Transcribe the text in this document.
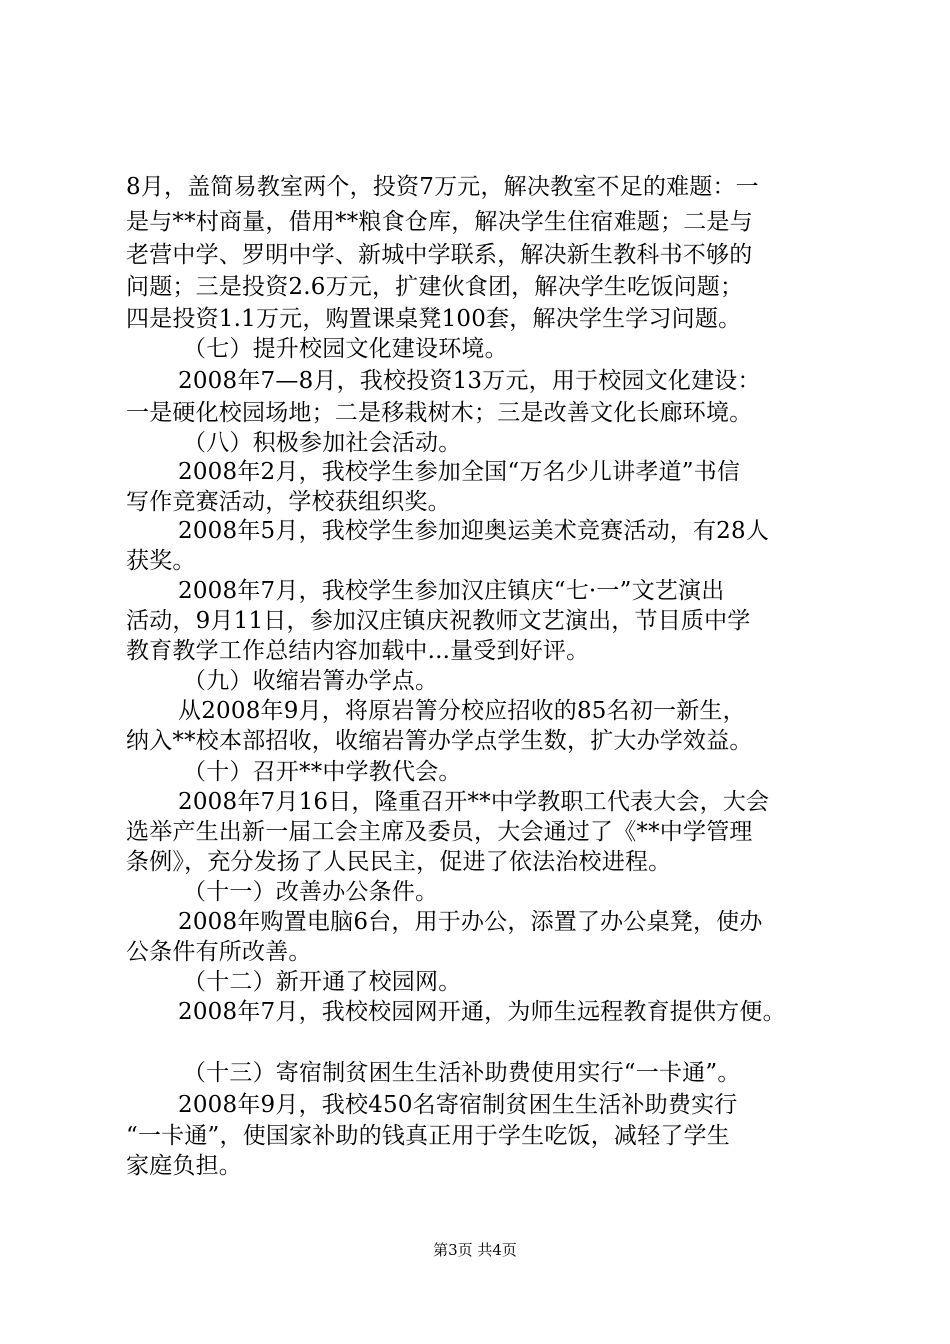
8月，盖简易教室两个，投资7万元，解决教室不足的难题：一
是与**村商量，借用**粮食仓库，解决学生住宿难题；二是与
老营中学、罗明中学、新城中学联系，解决新生教科书不够的
问题；三是投资2.6万元，扩建伙食团，解决学生吃饭问题；
四是投资1.1万元，购置课桌凳100套，解决学生学习问题。
（七）提升校园文化建设环境。
2008年7—8月，我校投资13万元，用于校园文化建设：
一是硬化校园场地；二是移栽树木；三是改善文化长廊环境。
（八）积极参加社会活动。
2008年2月，我校学生参加全国“万名少儿讲孝道”书信
写作竞赛活动，学校获组织奖。
2008年5月，我校学生参加迎奥运美术竞赛活动，有28人
获奖。
2008年7月，我校学生参加汉庄镇庆“七·一”文艺演出
活动，9月11日，参加汉庄镇庆祝教师文艺演出，节目质中学
教育教学工作总结内容加载中...量受到好评。
（九）收缩岩箐办学点。
从2008年9月，将原岩箐分校应招收的85名初一新生，
纳入**校本部招收，收缩岩箐办学点学生数，扩大办学效益。
（十）召开**中学教代会。
2008年7月16日，隆重召开**中学教职工代表大会，大会
选举产生出新一届工会主席及委员，大会通过了《**中学管理
条例》，充分发扬了人民民主，促进了依法治校进程。
（十一）改善办公条件。
2008年购置电脑6台，用于办公，添置了办公桌凳，使办
公条件有所改善。
（十二）新开通了校园网。
2008年7月，我校校园网开通，为师生远程教育提供方便。
（十三）寄宿制贫困生生活补助费使用实行“一卡通”。
2008年9月，我校450名寄宿制贫困生生活补助费实行
“一卡通”，使国家补助的钱真正用于学生吃饭，减轻了学生
家庭负担。
第3页 共4页
